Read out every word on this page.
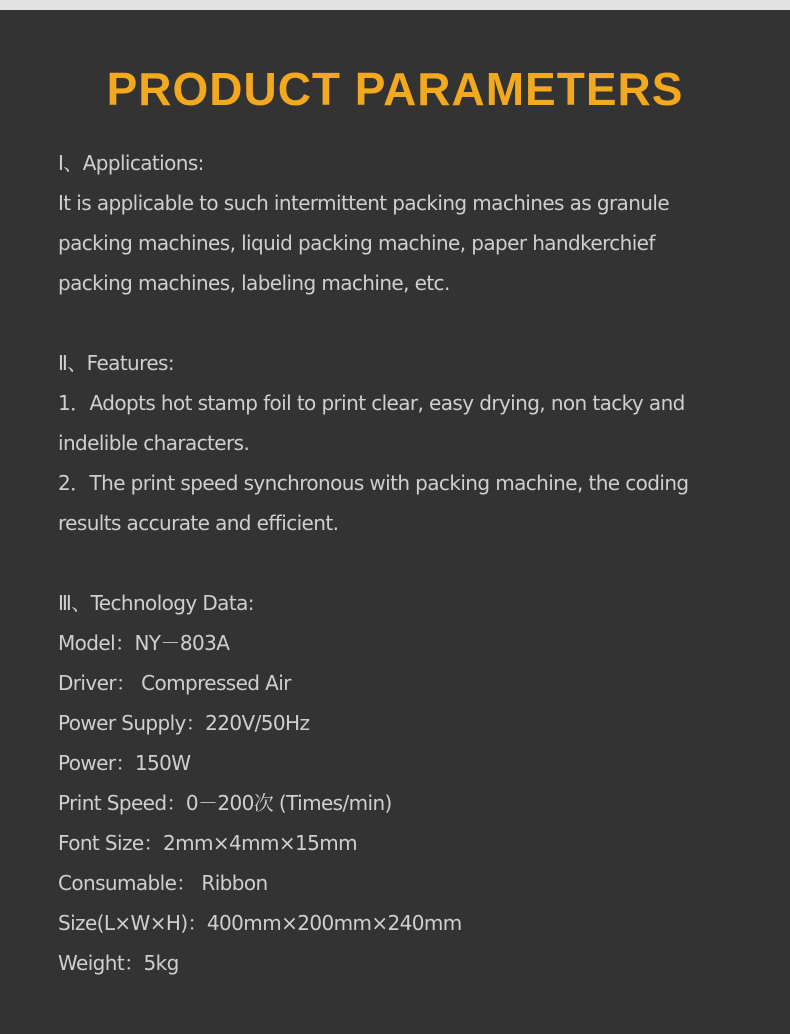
PRODUCT PARAMETERS
Ⅰ、Applications:
It is applicable to such intermittent packing machines as granule
packing machines, liquid packing machine, paper handkerchief
packing machines, labeling machine, etc.
Ⅱ、Features:
1．Adopts hot stamp foil to print clear, easy drying, non tacky and
indelible characters.
2．The print speed synchronous with packing machine, the coding
results accurate and efficient.
Ⅲ、Technology Data:
Model：NY－803A
Driver： Compressed Air
Power Supply：220V/50Hz
Power：150W
Print Speed：0－200次 (Times/min)
Font Size：2mm×4mm×15mm
Consumable： Ribbon
Size(L×W×H)：400mm×200mm×240mm
Weight：5kg
